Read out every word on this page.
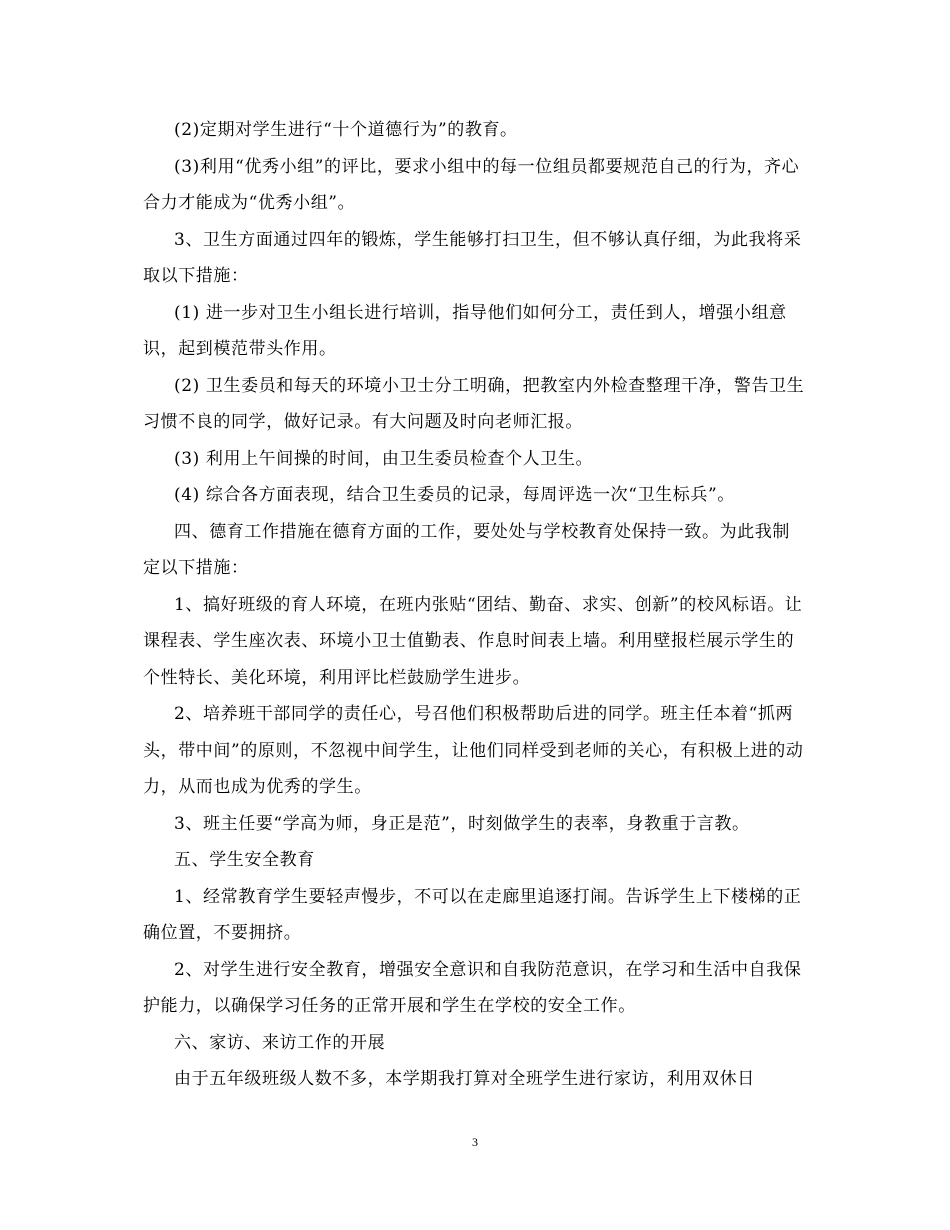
(2)定期对学生进行“十个道德行为”的教育。

(3)利用“优秀小组”的评比，要求小组中的每一位组员都要规范自己的行为，齐心合力才能成为“优秀小组”。

3、卫生方面通过四年的锻炼，学生能够打扫卫生，但不够认真仔细，为此我将采取以下措施：

(1) 进一步对卫生小组长进行培训，指导他们如何分工，责任到人，增强小组意识，起到模范带头作用。

(2) 卫生委员和每天的环境小卫士分工明确，把教室内外检查整理干净，警告卫生习惯不良的同学，做好记录。有大问题及时向老师汇报。

(3) 利用上午间操的时间，由卫生委员检查个人卫生。

(4) 综合各方面表现，结合卫生委员的记录，每周评选一次“卫生标兵”。

四、德育工作措施在德育方面的工作，要处处与学校教育处保持一致。为此我制定以下措施：

1、搞好班级的育人环境，在班内张贴“团结、勤奋、求实、创新”的校风标语。让课程表、学生座次表、环境小卫士值勤表、作息时间表上墙。利用壁报栏展示学生的个性特长、美化环境，利用评比栏鼓励学生进步。

2、培养班干部同学的责任心，号召他们积极帮助后进的同学。班主任本着“抓两头，带中间”的原则，不忽视中间学生，让他们同样受到老师的关心，有积极上进的动力，从而也成为优秀的学生。

3、班主任要“学高为师，身正是范”，时刻做学生的表率，身教重于言教。

五、学生安全教育

1、经常教育学生要轻声慢步，不可以在走廊里追逐打闹。告诉学生上下楼梯的正确位置，不要拥挤。

2、对学生进行安全教育，增强安全意识和自我防范意识，在学习和生活中自我保护能力，以确保学习任务的正常开展和学生在学校的安全工作。

六、家访、来访工作的开展

由于五年级班级人数不多，本学期我打算对全班学生进行家访，利用双休日

3
